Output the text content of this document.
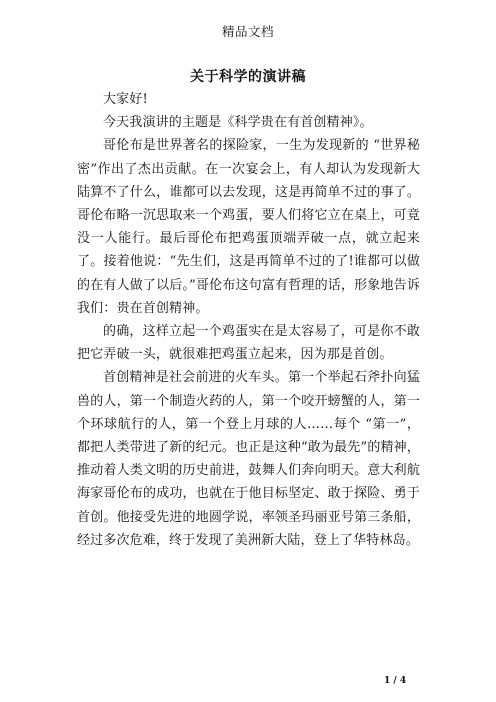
精品文档
关于科学的演讲稿

大家好!

今天我演讲的主题是《科学贵在有首创精神》。

哥伦布是世界著名的探险家，一生为发现新的 “世界秘密”作出了杰出贡献。在一次宴会上，有人却认为发现新大陆算不了什么，谁都可以去发现，这是再简单不过的事了。哥伦布略一沉思取来一个鸡蛋，要人们将它立在桌上，可竟没一人能行。最后哥伦布把鸡蛋顶端弄破一点，就立起来了。接着他说：“先生们，这是再简单不过的了!谁都可以做的在有人做了以后。”哥伦布这句富有哲理的话，形象地告诉我们：贵在首创精神。

的确，这样立起一个鸡蛋实在是太容易了，可是你不敢把它弄破一头，就很难把鸡蛋立起来，因为那是首创。

首创精神是社会前进的火车头。第一个举起石斧扑向猛兽的人，第一个制造火药的人，第一个咬开螃蟹的人，第一个环球航行的人，第一个登上月球的人……每个 “第一”，都把人类带进了新的纪元。也正是这种“敢为最先”的精神，推动着人类文明的历史前进，鼓舞人们奔向明天。意大利航海家哥伦布的成功，也就在于他目标坚定、敢于探险、勇于首创。他接受先进的地圆学说，率领圣玛丽亚号第三条船，经过多次危难，终于发现了美洲新大陆，登上了华特林岛。

1 / 4
